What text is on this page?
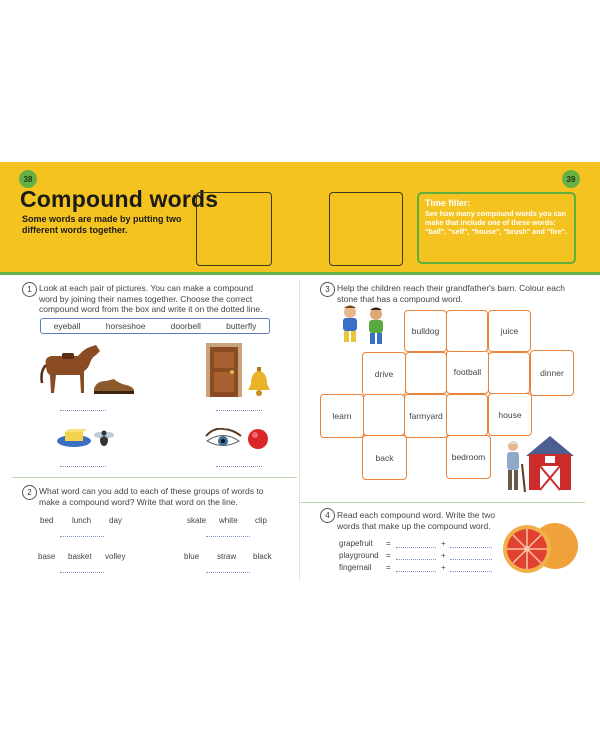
38	39
Compound words
Some words are made by putting two different words together.
Time filler:
See how many compound words you can make that include one of these words: "ball", "self", "house", "brush" and "fire".
1 Look at each pair of pictures. You can make a compound word by joining their names together. Choose the correct compound word from the box and write it on the dotted line.
eyeball	horseshoe	doorbell	butterfly
2 What word can you add to each of these groups of words to make a compound word? Write that word on the line.
bed lunch day	skate white clip
base basket volley	blue straw black
3 Help the children reach their grandfather's barn. Colour each stone that has a compound word.
bulldog	juice
drive	football	dinner
learn	farmyard	house
back	bedroom
4 Read each compound word. Write the two words that make up the compound word.
grapefruit =	+
playground =	+
fingernail =	+
